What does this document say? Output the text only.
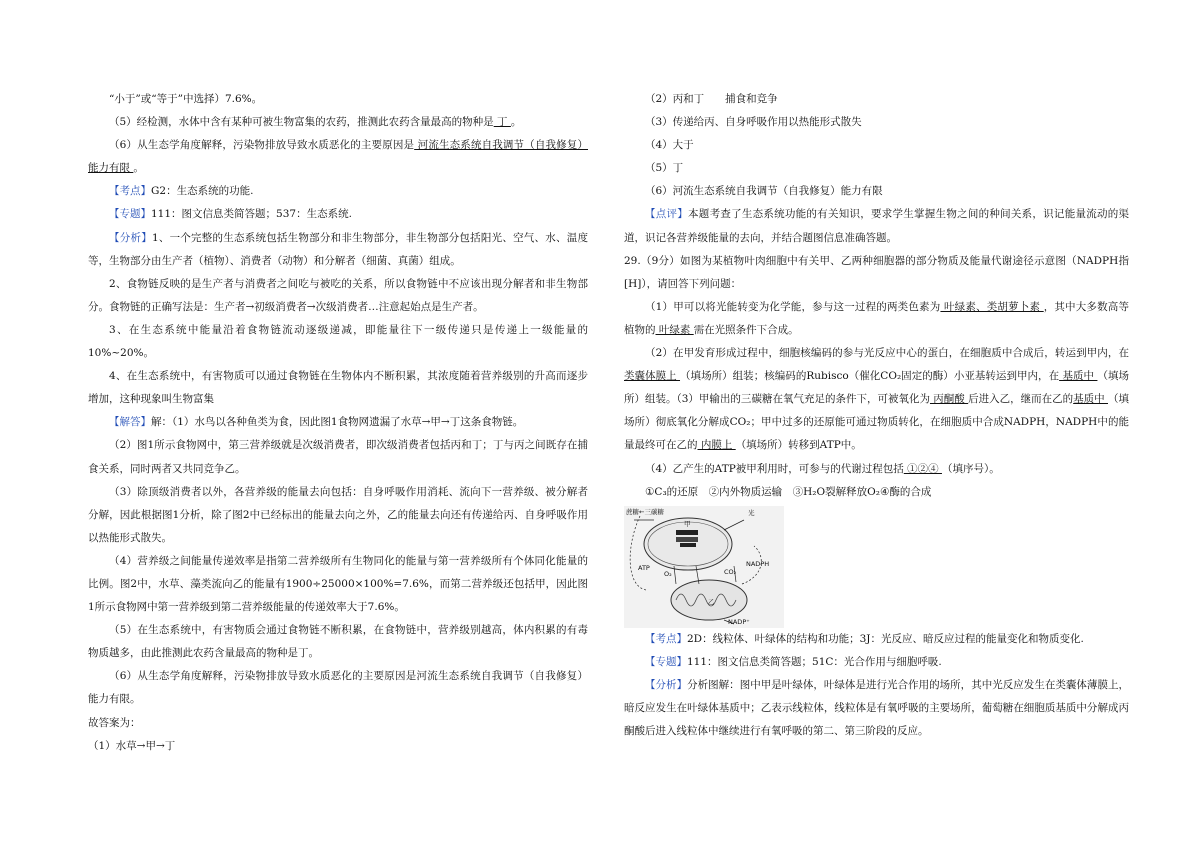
“小于”或“等于”中选择）7.6%。

（5）经检测，水体中含有某种可被生物富集的农药，推测此农药含量最高的物种是 丁 。

（6）从生态学角度解释，污染物排放导致水质恶化的主要原因是 河流生态系统自我调节（自我修复）能力有限 。

【考点】G2：生态系统的功能.

【专题】111：图文信息类简答题；537：生态系统.

【分析】1、一个完整的生态系统包括生物部分和非生物部分，非生物部分包括阳光、空气、水、温度等，生物部分由生产者（植物）、消费者（动物）和分解者（细菌、真菌）组成。

2、食物链反映的是生产者与消费者之间吃与被吃的关系，所以食物链中不应该出现分解者和非生物部分。食物链的正确写法是：生产者→初级消费者→次级消费者…注意起始点是生产者。

3、在生态系统中能量沿着食物链流动逐级递减，即能量往下一级传递只是传递上一级能量的10%~20%。

4、在生态系统中，有害物质可以通过食物链在生物体内不断积累，其浓度随着营养级别的升高而逐步增加，这种现象叫生物富集

【解答】解：（1）水鸟以各种鱼类为食，因此图1食物网遗漏了水草→甲→丁这条食物链。

（2）图1所示食物网中，第三营养级就是次级消费者，即次级消费者包括丙和丁；丁与丙之间既存在捕食关系，同时两者又共同竞争乙。

（3）除顶级消费者以外，各营养级的能量去向包括：自身呼吸作用消耗、流向下一营养级、被分解者分解，因此根据图1分析，除了图2中已经标出的能量去向之外，乙的能量去向还有传递给丙、自身呼吸作用以热能形式散失。

（4）营养级之间能量传递效率是指第二营养级所有生物同化的能量与第一营养级所有个体同化能量的比例。图2中，水草、藻类流向乙的能量有1900÷25000×100%=7.6%，而第二营养级还包括甲，因此图1所示食物网中第一营养级到第二营养级能量的传递效率大于7.6%。

（5）在生态系统中，有害物质会通过食物链不断积累，在食物链中，营养级别越高，体内积累的有毒物质越多，由此推测此农药含量最高的物种是丁。

（6）从生态学角度解释，污染物排放导致水质恶化的主要原因是河流生态系统自我调节（自我修复）能力有限。

故答案为：

（1）水草→甲→丁

（2）丙和丁　　捕食和竞争

（3）传递给丙、自身呼吸作用以热能形式散失

（4）大于

（5）丁

（6）河流生态系统自我调节（自我修复）能力有限

【点评】本题考查了生态系统功能的有关知识，要求学生掌握生物之间的种间关系，识记能量流动的渠道，识记各营养级能量的去向，并结合题图信息准确答题。

29.（9分）如图为某植物叶肉细胞中有关甲、乙两种细胞器的部分物质及能量代谢途径示意图（NADPH指[H]），请回答下列问题：

（1）甲可以将光能转变为化学能，参与这一过程的两类色素为 叶绿素、类胡萝卜素 ，其中大多数高等植物的 叶绿素 需在光照条件下合成。

（2）在甲发育形成过程中，细胞核编码的参与光反应中心的蛋白，在细胞质中合成后，转运到甲内，在类囊体膜上 （填场所）组装；核编码的Rubisco（催化CO₂固定的酶）小亚基转运到甲内，在 基质中 （填场所）组装。（3）甲输出的三碳糖在氧气充足的条件下，可被氧化为 丙酮酸 后进入乙，继而在乙的基质中 （填场所）彻底氧化分解成CO₂；甲中过多的还原能可通过物质转化，在细胞质中合成NADPH，NADPH中的能量最终可在乙的 内膜上 （填场所）转移到ATP中。

（4）乙产生的ATP被甲利用时，可参与的代谢过程包括 ①②④ （填序号）。

①C₃的还原　②内外物质运输　③H₂O裂解释放O₂④酶的合成

蔗糖←三碳糖	光
甲
ATP
O₂	CO₂
NADPH
乙
NADP⁺

【考点】2D：线粒体、叶绿体的结构和功能；3J：光反应、暗反应过程的能量变化和物质变化.

【专题】111：图文信息类简答题；51C：光合作用与细胞呼吸.

【分析】分析图解：图中甲是叶绿体，叶绿体是进行光合作用的场所，其中光反应发生在类囊体薄膜上，暗反应发生在叶绿体基质中；乙表示线粒体，线粒体是有氧呼吸的主要场所，葡萄糖在细胞质基质中分解成丙酮酸后进入线粒体中继续进行有氧呼吸的第二、第三阶段的反应。
